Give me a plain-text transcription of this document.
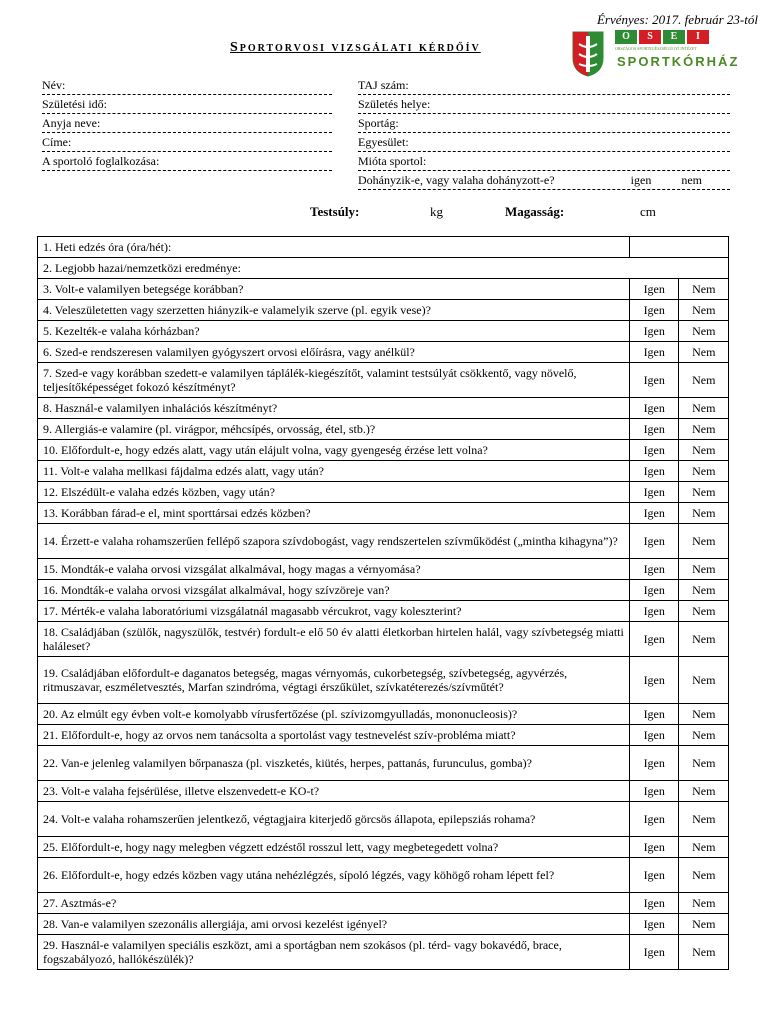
Érvényes: 2017. február 23-tól
Sportorvosi vizsgálati kérdőív
O	S	E	I
ORSZÁGOS SPORTEGÉSZSÉGÜGYI INTÉZET
SPORTKÓRHÁZ
Név:
Születési idő:
Anyja neve:
Címe:
A sportoló foglalkozása:
TAJ szám:
Születés helye:
Sportág:
Egyesület:
Mióta sportol:
Dohányzik-e, vagy valaha dohányzott-e?	igen	nem
Testsúly:	kg	Magasság:	cm
1. Heti edzés óra (óra/hét):		
2. Legjobb hazai/nemzetközi eredménye:		
3. Volt-e valamilyen betegsége korábban?	Igen	Nem
4. Veleszületetten vagy szerzetten hiányzik-e valamelyik szerve (pl. egyik vese)?	Igen	Nem
5. Kezelték-e valaha kórházban?	Igen	Nem
6. Szed-e rendszeresen valamilyen gyógyszert orvosi előírásra, vagy anélkül?	Igen	Nem
7. Szed-e vagy korábban szedett-e valamilyen táplálék-kiegészítőt, valamint testsúlyát csökkentő, vagy növelő, teljesítőképességet fokozó készítményt?	Igen	Nem
8. Használ-e valamilyen inhalációs készítményt?	Igen	Nem
9. Allergiás-e valamire (pl. virágpor, méhcsípés, orvosság, étel, stb.)?	Igen	Nem
10. Előfordult-e, hogy edzés alatt, vagy után elájult volna, vagy gyengeség érzése lett volna?	Igen	Nem
11. Volt-e valaha mellkasi fájdalma edzés alatt, vagy után?	Igen	Nem
12. Elszédült-e valaha edzés közben, vagy után?	Igen	Nem
13. Korábban fárad-e el, mint sporttársai edzés közben?	Igen	Nem
14. Érzett-e valaha rohamszerűen fellépő szapora szívdobogást, vagy rendszertelen szívműködést („mintha kihagyna”)?	Igen	Nem
15. Mondták-e valaha orvosi vizsgálat alkalmával, hogy magas a vérnyomása?	Igen	Nem
16. Mondták-e valaha orvosi vizsgálat alkalmával, hogy szívzöreje van?	Igen	Nem
17. Mérték-e valaha laboratóriumi vizsgálatnál magasabb vércukrot, vagy koleszterint?	Igen	Nem
18. Családjában (szülők, nagyszülők, testvér) fordult-e elő 50 év alatti életkorban hirtelen halál, vagy szívbetegség miatti haláleset?	Igen	Nem
19. Családjában előfordult-e daganatos betegség, magas vérnyomás, cukorbetegség, szívbetegség, agyvérzés, ritmuszavar, eszméletvesztés, Marfan szindróma, végtagi érszűkület, szívkatéterezés/szívműtét?	Igen	Nem
20. Az elmúlt egy évben volt-e komolyabb vírusfertőzése (pl. szívizomgyulladás, mononucleosis)?	Igen	Nem
21. Előfordult-e, hogy az orvos nem tanácsolta a sportolást vagy testnevelést szív-probléma miatt?	Igen	Nem
22. Van-e jelenleg valamilyen bőrpanasza (pl. viszketés, kiütés, herpes, pattanás, furunculus, gomba)?	Igen	Nem
23. Volt-e valaha fejsérülése, illetve elszenvedett-e KO-t?	Igen	Nem
24. Volt-e valaha rohamszerűen jelentkező, végtagjaira kiterjedő görcsös állapota, epilepsziás rohama?	Igen	Nem
25. Előfordult-e, hogy nagy melegben végzett edzéstől rosszul lett, vagy megbetegedett volna?	Igen	Nem
26. Előfordult-e, hogy edzés közben vagy utána nehézlégzés, sípoló légzés, vagy köhögő roham lépett fel?	Igen	Nem
27. Asztmás-e?	Igen	Nem
28. Van-e valamilyen szezonális allergiája, ami orvosi kezelést igényel?	Igen	Nem
29. Használ-e valamilyen speciális eszközt, ami a sportágban nem szokásos (pl. térd- vagy bokavédő, brace, fogszabályozó, hallókészülék)?	Igen	Nem
